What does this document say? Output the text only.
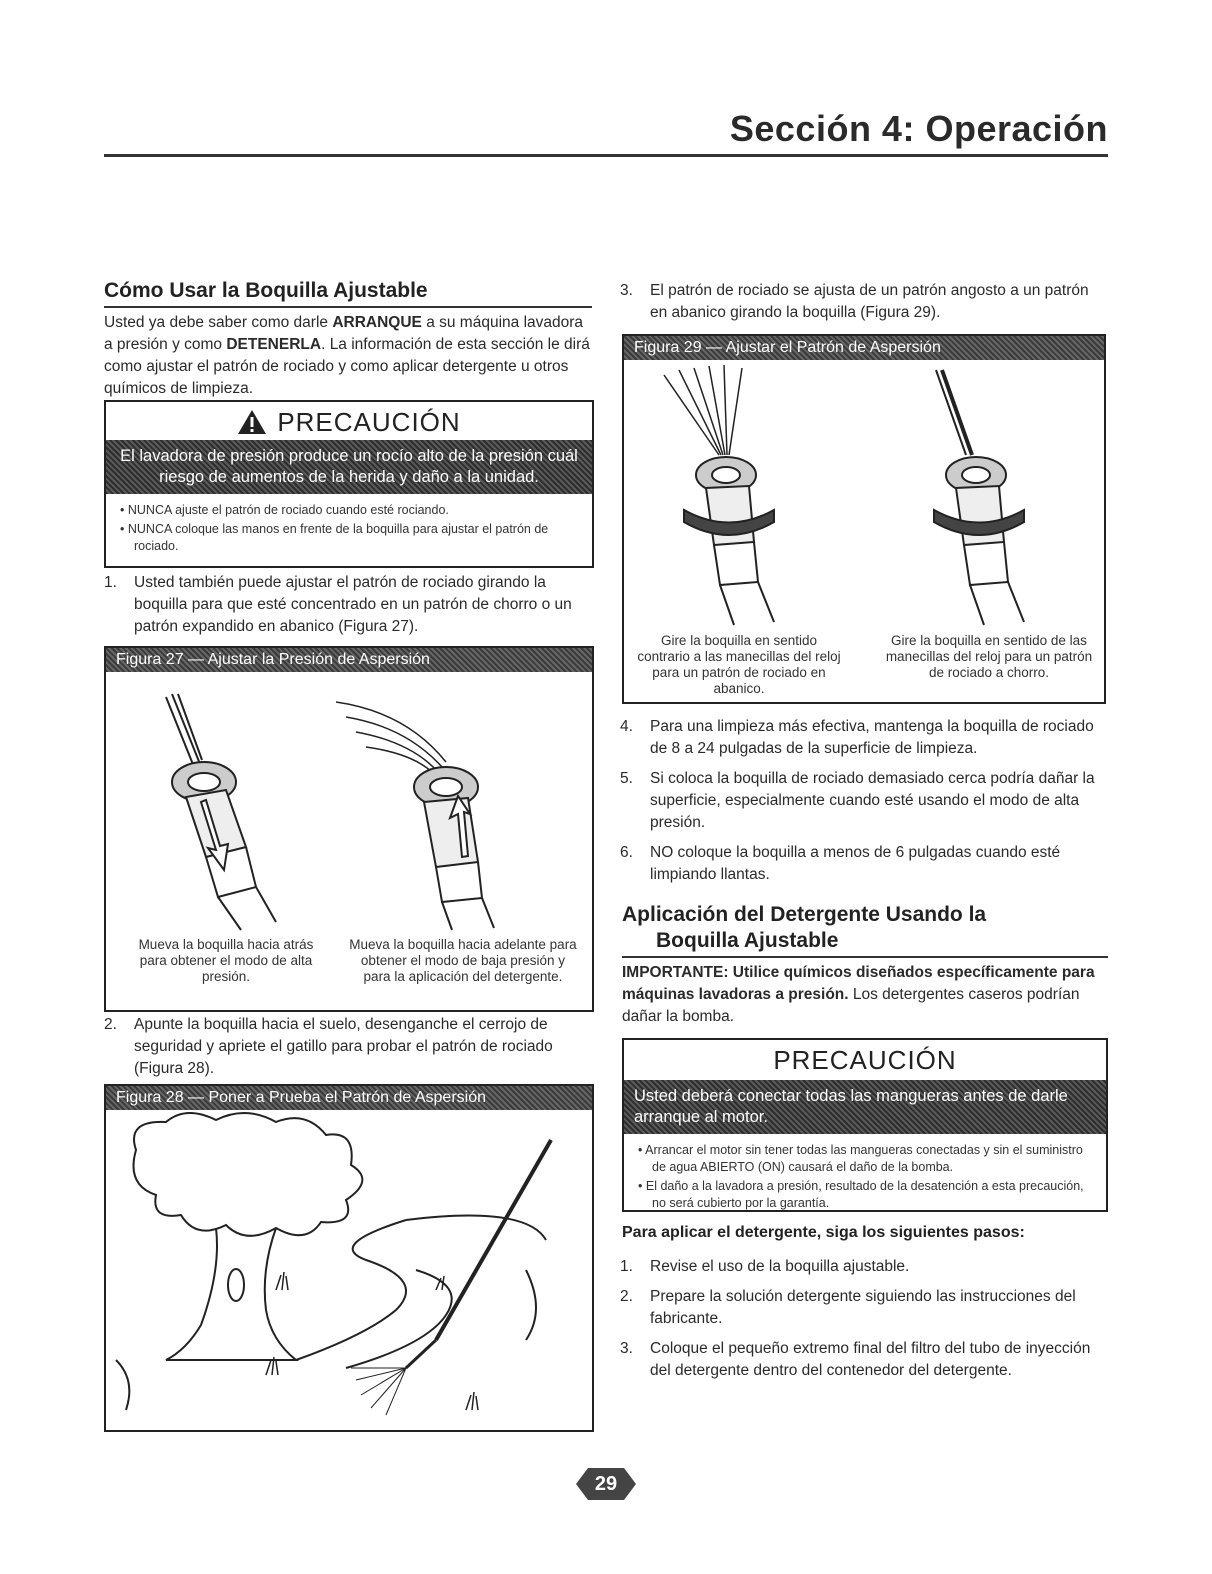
Sección 4: Operación
Cómo Usar la Boquilla Ajustable
Usted ya debe saber como darle ARRANQUE a su máquina lavadora a presión y como DETENERLA. La información de esta sección le dirá como ajustar el patrón de rociado y como aplicar detergente u otros químicos de limpieza.
PRECAUCIÓN
El lavadora de presión produce un rocío alto de la presión cuál riesgo de aumentos de la herida y daño a la unidad.
• NUNCA ajuste el patrón de rociado cuando esté rociando.
• NUNCA coloque las manos en frente de la boquilla para ajustar el patrón de rociado.
1.	Usted también puede ajustar el patrón de rociado girando la boquilla para que esté concentrado en un patrón de chorro o un patrón expandido en abanico (Figura 27).
Figura 27 — Ajustar la Presión de Aspersión
Mueva la boquilla hacia atrás para obtener el modo de alta presión.
Mueva la boquilla hacia adelante para obtener el modo de baja presión y para la aplicación del detergente.
2.	Apunte la boquilla hacia el suelo, desenganche el cerrojo de seguridad y apriete el gatillo para probar el patrón de rociado (Figura 28).
Figura 28 — Poner a Prueba el Patrón de Aspersión
3.	El patrón de rociado se ajusta de un patrón angosto a un patrón en abanico girando la boquilla (Figura 29).
Figura 29 — Ajustar el Patrón de Aspersión
Gire la boquilla en sentido contrario a las manecillas del reloj para un patrón de rociado en abanico.
Gire la boquilla en sentido de las manecillas del reloj para un patrón de rociado a chorro.
4.	Para una limpieza más efectiva, mantenga la boquilla de rociado de 8 a 24 pulgadas de la superficie de limpieza.
5.	Si coloca la boquilla de rociado demasiado cerca podría dañar la superficie, especialmente cuando esté usando el modo de alta presión.
6.	NO coloque la boquilla a menos de 6 pulgadas cuando esté limpiando llantas.
Aplicación del Detergente Usando la
Boquilla Ajustable
IMPORTANTE: Utilice químicos diseñados específicamente para máquinas lavadoras a presión. Los detergentes caseros podrían dañar la bomba.
PRECAUCIÓN
Usted deberá conectar todas las mangueras antes de darle arranque al motor.
• Arrancar el motor sin tener todas las mangueras conectadas y sin el suministro de agua ABIERTO (ON) causará el daño de la bomba.
• El daño a la lavadora a presión, resultado de la desatención a esta precaución, no será cubierto por la garantía.
Para aplicar el detergente, siga los siguientes pasos:
1.	Revise el uso de la boquilla ajustable.
2.	Prepare la solución detergente siguiendo las instrucciones del fabricante.
3.	Coloque el pequeño extremo final del filtro del tubo de inyección del detergente dentro del contenedor del detergente.
29
